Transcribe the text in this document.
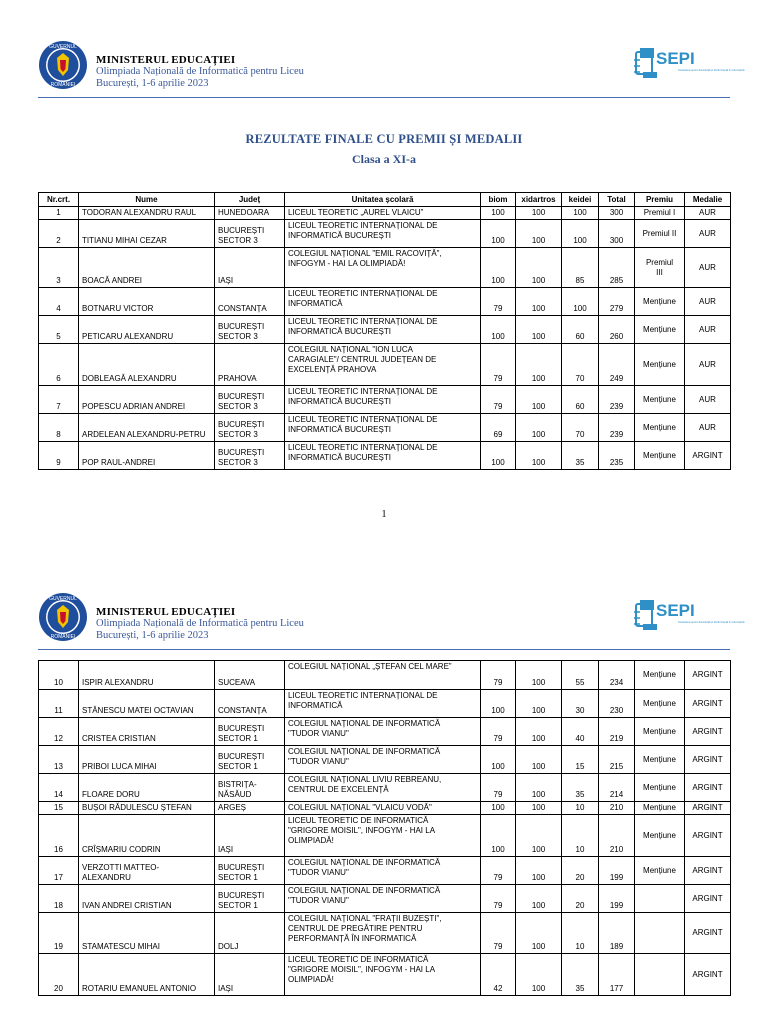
GUVERNUL
ROMÂNIEI
MINISTERUL EDUCAȚIEI
Olimpiada Națională de Informatică pentru Liceu
București, 1-6 aprilie 2023
SEPI
Societatea pentru Excelență și Performanță în Informatică
REZULTATE FINALE CU PREMII ȘI MEDALII
Clasa a XI-a
Nr.crt.	Nume	Județ	Unitatea școlară	biom	xidartros	keidei	Total	Premiu	Medalie
1	TODORAN ALEXANDRU RAUL	HUNEDOARA	LICEUL TEORETIC „AUREL VLAICU”	100	100	100	300	Premiul I	AUR
2	TITIANU MIHAI CEZAR	BUCUREȘTI
SECTOR 3	LICEUL TEORETIC INTERNAȚIONAL DE
INFORMATICĂ BUCUREȘTI	100	100	100	300	Premiul II	AUR
3	BOACĂ ANDREI	IAȘI	COLEGIUL NAȚIONAL "EMIL RACOVIȚĂ",
INFOGYM - HAI LA OLIMPIADĂ!	100	100	85	285	Premiul
III	AUR
4	BOTNARU VICTOR	CONSTANȚA	LICEUL TEORETIC INTERNAȚIONAL DE
INFORMATICĂ	79	100	100	279	Mențiune	AUR
5	PETICARU ALEXANDRU	BUCUREȘTI
SECTOR 3	LICEUL TEORETIC INTERNAȚIONAL DE
INFORMATICĂ BUCUREȘTI	100	100	60	260	Mențiune	AUR
6	DOBLEAGĂ ALEXANDRU	PRAHOVA	COLEGIUL NAȚIONAL "ION LUCA
CARAGIALE"/ CENTRUL JUDEȚEAN DE
EXCELENȚĂ PRAHOVA	79	100	70	249	Mențiune	AUR
7	POPESCU ADRIAN ANDREI	BUCUREȘTI
SECTOR 3	LICEUL TEORETIC INTERNAȚIONAL DE
INFORMATICĂ BUCUREȘTI	79	100	60	239	Mențiune	AUR
8	ARDELEAN ALEXANDRU-PETRU	BUCUREȘTI
SECTOR 3	LICEUL TEORETIC INTERNAȚIONAL DE
INFORMATICĂ BUCUREȘTI	69	100	70	239	Mențiune	AUR
9	POP RAUL-ANDREI	BUCUREȘTI
SECTOR 3	LICEUL TEORETIC INTERNAȚIONAL DE
INFORMATICĂ BUCUREȘTI	100	100	35	235	Mențiune	ARGINT
1
GUVERNUL
ROMÂNIEI
MINISTERUL EDUCAȚIEI
Olimpiada Națională de Informatică pentru Liceu
București, 1-6 aprilie 2023
SEPI
Societatea pentru Excelență și Performanță în Informatică
10	ISPIR ALEXANDRU	SUCEAVA	COLEGIUL NAȚIONAL „ȘTEFAN CEL MARE”	79	100	55	234	Mențiune	ARGINT
11	STĂNESCU MATEI OCTAVIAN	CONSTANȚA	LICEUL TEORETIC INTERNAȚIONAL DE
INFORMATICĂ	100	100	30	230	Mențiune	ARGINT
12	CRISTEA CRISTIAN	BUCUREȘTI
SECTOR 1	COLEGIUL NAȚIONAL DE INFORMATICĂ
"TUDOR VIANU"	79	100	40	219	Mențiune	ARGINT
13	PRIBOI LUCA MIHAI	BUCUREȘTI
SECTOR 1	COLEGIUL NAȚIONAL DE INFORMATICĂ
"TUDOR VIANU"	100	100	15	215	Mențiune	ARGINT
14	FLOARE DORU	BISTRIȚA-
NĂSĂUD	COLEGIUL NAȚIONAL LIVIU REBREANU,
CENTRUL DE EXCELENȚĂ	79	100	35	214	Mențiune	ARGINT
15	BUȘOI RĂDULESCU ȘTEFAN	ARGEȘ	COLEGIUL NAȚIONAL "VLAICU VODĂ"	100	100	10	210	Mențiune	ARGINT
16	CRÎȘMARIU CODRIN	IAȘI	LICEUL TEORETIC DE INFORMATICĂ
"GRIGORE MOISIL", INFOGYM - HAI LA
OLIMPIADĂ!	100	100	10	210	Mențiune	ARGINT
17	VERZOTTI MATTEO-
ALEXANDRU	BUCUREȘTI
SECTOR 1	COLEGIUL NAȚIONAL DE INFORMATICĂ
"TUDOR VIANU"	79	100	20	199	Mențiune	ARGINT
18	IVAN ANDREI CRISTIAN	BUCUREȘTI
SECTOR 1	COLEGIUL NAȚIONAL DE INFORMATICĂ
"TUDOR VIANU"	79	100	20	199		ARGINT
19	STAMATESCU MIHAI	DOLJ	COLEGIUL NAȚIONAL "FRAȚII BUZEȘTI",
CENTRUL DE PREGĂTIRE PENTRU
PERFORMANȚĂ ÎN INFORMATICĂ	79	100	10	189		ARGINT
20	ROTARIU EMANUEL ANTONIO	IAȘI	LICEUL TEORETIC DE INFORMATICĂ
"GRIGORE MOISIL", INFOGYM - HAI LA
OLIMPIADĂ!	42	100	35	177		ARGINT
